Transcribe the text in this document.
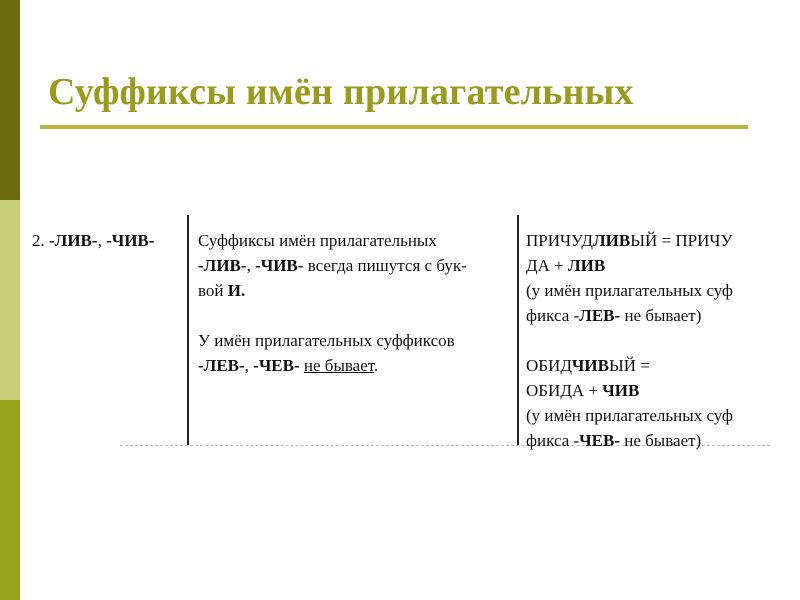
Суффиксы имён прилагательных
2. -ЛИВ-, -ЧИВ-	Суффиксы имён прилагательных
-ЛИВ-, -ЧИВ- всегда пишутся с бук-
вой И.
У имён прилагательных суффиксов
-ЛЕВ-, -ЧЕВ- не бывает.
ПРИЧУДЛИВЫЙ = ПРИЧУ
ДА + ЛИВ
(у имён прилагательных суф
фикса -ЛЕВ- не бывает)
ОБИДЧИВЫЙ =
ОБИДА + ЧИВ
(у имён прилагательных суф
фикса -ЧЕВ- не бывает)
